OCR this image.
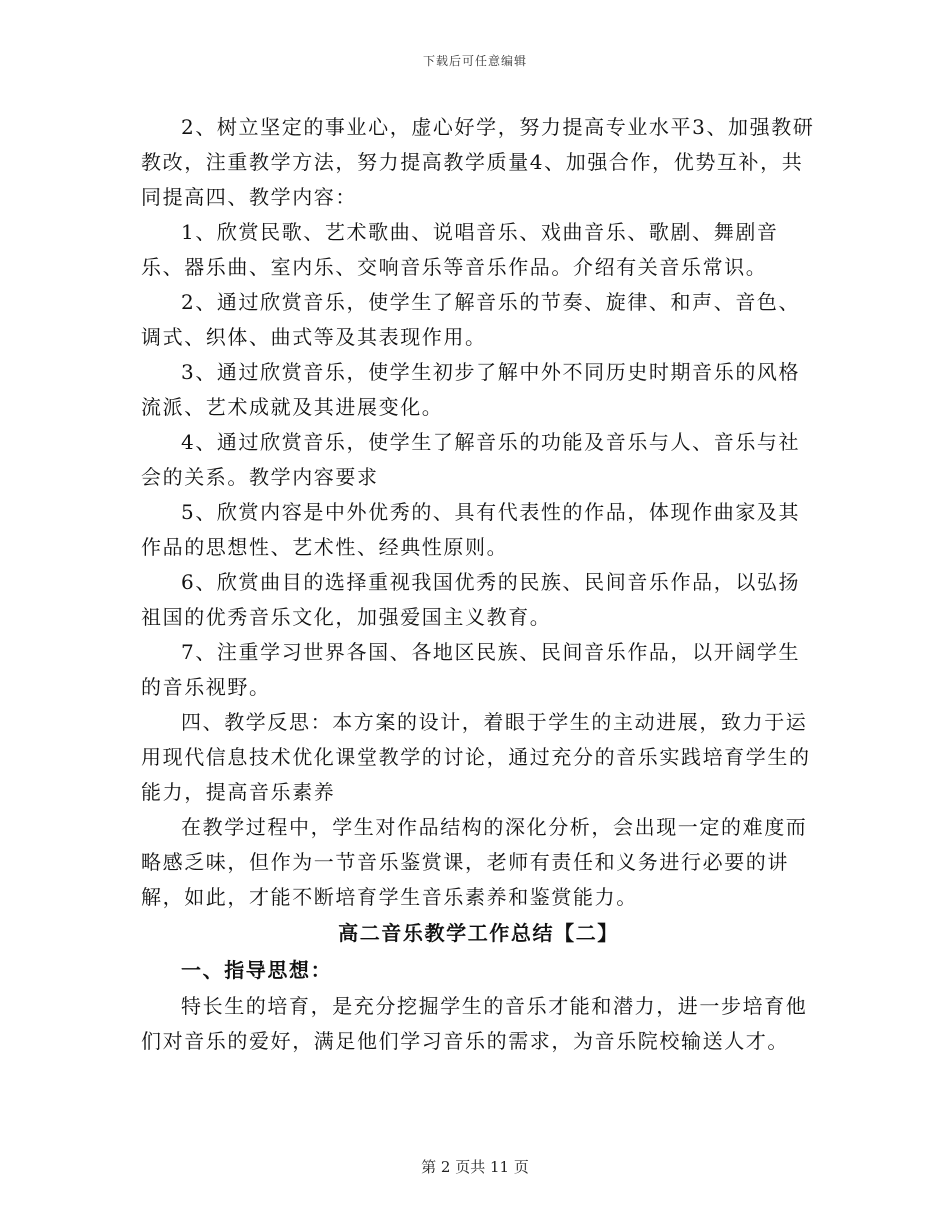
下载后可任意编辑

2、树立坚定的事业心，虚心好学，努力提高专业水平3、加强教研教改，注重教学方法，努力提高教学质量4、加强合作，优势互补，共同提高四、教学内容：

1、欣赏民歌、艺术歌曲、说唱音乐、戏曲音乐、歌剧、舞剧音乐、器乐曲、室内乐、交响音乐等音乐作品。介绍有关音乐常识。

2、通过欣赏音乐，使学生了解音乐的节奏、旋律、和声、音色、调式、织体、曲式等及其表现作用。

3、通过欣赏音乐，使学生初步了解中外不同历史时期音乐的风格流派、艺术成就及其进展变化。

4、通过欣赏音乐，使学生了解音乐的功能及音乐与人、音乐与社会的关系。教学内容要求

5、欣赏内容是中外优秀的、具有代表性的作品，体现作曲家及其作品的思想性、艺术性、经典性原则。

6、欣赏曲目的选择重视我国优秀的民族、民间音乐作品，以弘扬祖国的优秀音乐文化，加强爱国主义教育。

7、注重学习世界各国、各地区民族、民间音乐作品，以开阔学生的音乐视野。

四、教学反思：本方案的设计，着眼于学生的主动进展，致力于运用现代信息技术优化课堂教学的讨论，通过充分的音乐实践培育学生的能力，提高音乐素养

在教学过程中，学生对作品结构的深化分析，会出现一定的难度而略感乏味，但作为一节音乐鉴赏课，老师有责任和义务进行必要的讲解，如此，才能不断培育学生音乐素养和鉴赏能力。

高二音乐教学工作总结【二】

一、指导思想：

特长生的培育，是充分挖掘学生的音乐才能和潜力，进一步培育他们对音乐的爱好，满足他们学习音乐的需求，为音乐院校输送人才。

第 2 页共 11 页
